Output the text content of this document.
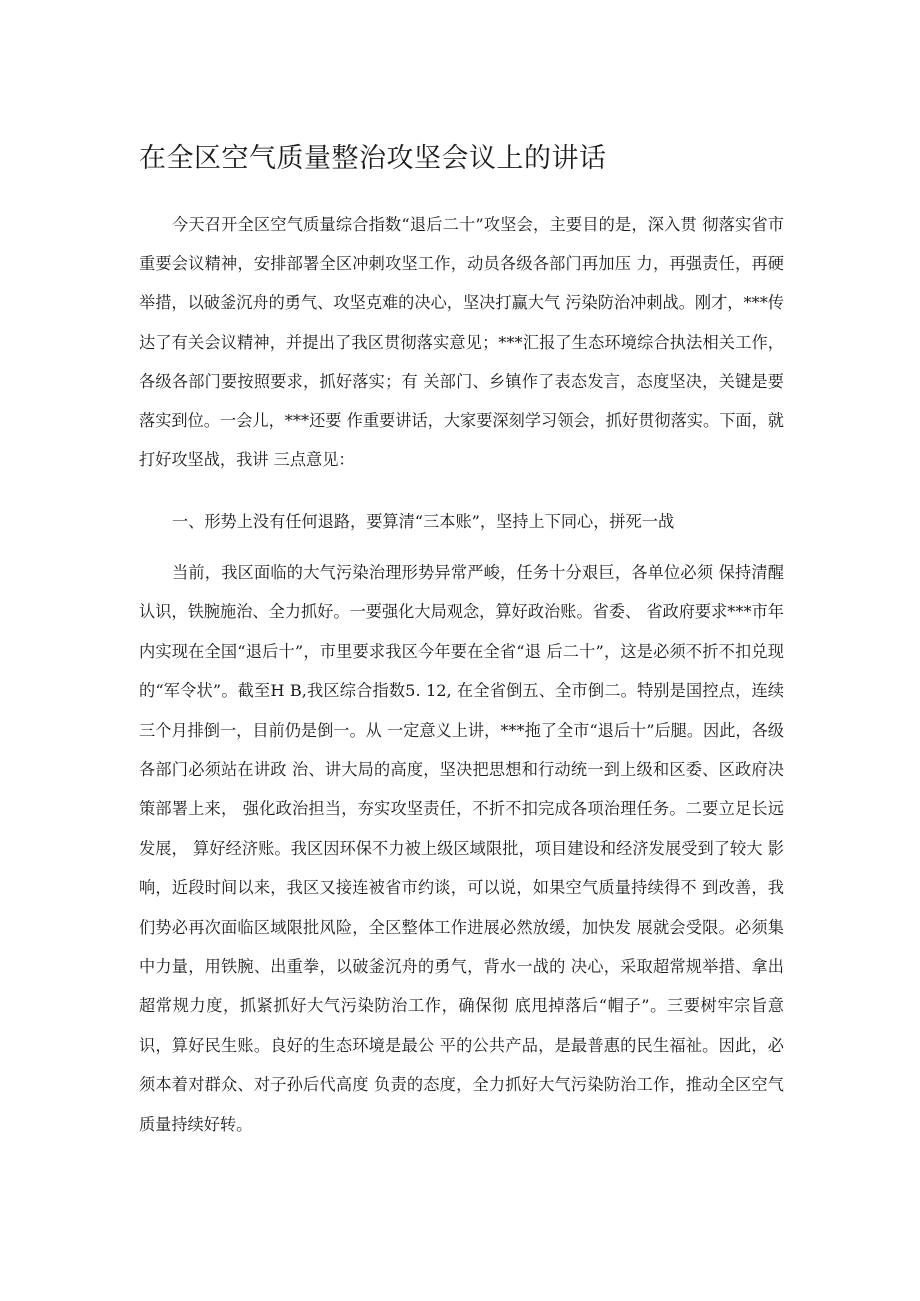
在全区空气质量整治攻坚会议上的讲话

今天召开全区空气质量综合指数“退后二十”攻坚会，主要目的是，深入贯 彻落实省市重要会议精神，安排部署全区冲刺攻坚工作，动员各级各部门再加压 力，再强责任，再硬举措，以破釜沉舟的勇气、攻坚克难的决心，坚决打赢大气 污染防治冲刺战。刚才，***传达了有关会议精神，并提出了我区贯彻落实意见；***汇报了生态环境综合执法相关工作，各级各部门要按照要求，抓好落实；有 关部门、乡镇作了表态发言，态度坚决，关键是要落实到位。一会儿，***还要 作重要讲话，大家要深刻学习领会，抓好贯彻落实。下面，就打好攻坚战，我讲 三点意见：

一、形势上没有任何退路，要算清“三本账”，坚持上下同心，拼死一战

当前，我区面临的大气污染治理形势异常严峻，任务十分艰巨，各单位必须 保持清醒认识，铁腕施治、全力抓好。一要强化大局观念，算好政治账。省委、 省政府要求***市年内实现在全国“退后十”，市里要求我区今年要在全省“退 后二十”，这是必须不折不扣兑现的“军令状”。截至H B,我区综合指数5. 12, 在全省倒五、全市倒二。特别是国控点，连续三个月排倒一，目前仍是倒一。从 一定意义上讲，***拖了全市“退后十”后腿。因此，各级各部门必须站在讲政 治、讲大局的高度，坚决把思想和行动统一到上级和区委、区政府决策部署上来， 强化政治担当，夯实攻坚责任，不折不扣完成各项治理任务。二要立足长远发展， 算好经济账。我区因环保不力被上级区域限批，项目建设和经济发展受到了较大 影响，近段时间以来，我区又接连被省市约谈，可以说，如果空气质量持续得不 到改善，我们势必再次面临区域限批风险，全区整体工作进展必然放缓，加快发 展就会受限。必须集中力量，用铁腕、出重拳，以破釜沉舟的勇气，背水一战的 决心，采取超常规举措、拿出超常规力度，抓紧抓好大气污染防治工作，确保彻 底甩掉落后“帽子”。三要树牢宗旨意识，算好民生账。良好的生态环境是最公 平的公共产品，是最普惠的民生福祉。因此，必须本着对群众、对子孙后代高度 负责的态度，全力抓好大气污染防治工作，推动全区空气质量持续好转。
